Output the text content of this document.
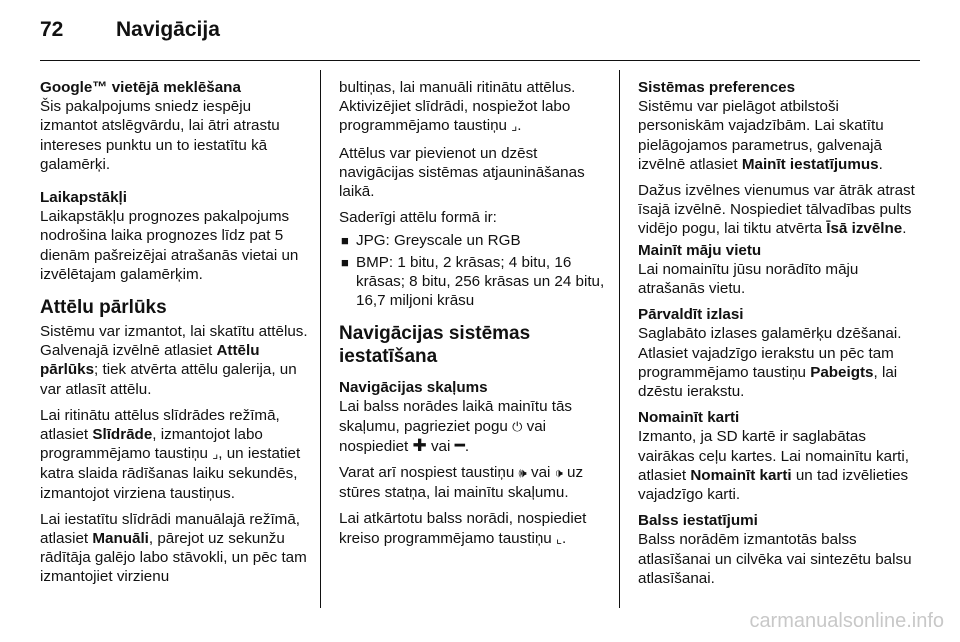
72	Navigācija
Google™ vietējā meklēšana
Šis pakalpojums sniedz iespēju izmantot atslēgvārdu, lai ātri atrastu intereses punktu un to iestatītu kā galamērķi.
Laikapstākļi
Laikapstākļu prognozes pakalpojums nodrošina laika prognozes līdz pat 5 dienām pašreizējai atrašanās vietai un izvēlētajam galamērķim.
Attēlu pārlūks

Sistēmu var izmantot, lai skatītu attēlus. Galvenajā izvēlnē atlasiet Attēlu pārlūks; tiek atvērta attēlu galerija, un var atlasīt attēlu.

Lai ritinātu attēlus slīdrādes režīmā, atlasiet Slīdrāde, izmantojot labo programmējamo taustiņu ⌟, un iestatiet katra slaida rādīšanas laiku sekundēs, izmantojot virziena taustiņus.

Lai iestatītu slīdrādi manuālajā režīmā, atlasiet Manuāli, pārejot uz sekunžu rādītāja galējo labo stāvokli, un pēc tam izmantojiet virzienu

bultiņas, lai manuāli ritinātu attēlus. Aktivizējiet slīdrādi, nospiežot labo programmējamo taustiņu ⌟.

Attēlus var pievienot un dzēst navigācijas sistēmas atjaunināšanas laikā.

Saderīgi attēlu formā ir:

■ JPG: Greyscale un RGB
■ BMP: 1 bitu, 2 krāsas; 4 bitu, 16 krāsas; 8 bitu, 256 krāsas un 24 bitu, 16,7 miljoni krāsu
Navigācijas sistēmas iestatīšana

Navigācijas skaļums
Lai balss norādes laikā mainītu tās skaļumu, pagrieziet pogu ⏻ vai nospiediet ✚ vai ━.

Varat arī nospiest taustiņu 🕪 vai 🕩 uz stūres statņa, lai mainītu skaļumu.

Lai atkārtotu balss norādi, nospiediet kreiso programmējamo taustiņu ⌞.

Sistēmas preferences
Sistēmu var pielāgot atbilstoši personiskām vajadzībām. Lai skatītu pielāgojamos parametrus, galvenajā izvēlnē atlasiet Mainīt iestatījumus.

Dažus izvēlnes vienumus var ātrāk atrast īsajā izvēlnē. Nospiediet tālvadības pults vidējo pogu, lai tiktu atvērta Īsā izvēlne.

Mainīt māju vietu
Lai nomainītu jūsu norādīto māju atrašanās vietu.

Pārvaldīt izlasi
Saglabāto izlases galamērķu dzēšanai. Atlasiet vajadzīgo ierakstu un pēc tam programmējamo taustiņu Pabeigts, lai dzēstu ierakstu.

Nomainīt karti
Izmanto, ja SD kartē ir saglabātas vairākas ceļu kartes. Lai nomainītu karti, atlasiet Nomainīt karti un tad izvēlieties vajadzīgo karti.

Balss iestatījumi
Balss norādēm izmantotās balss atlasīšanai un cilvēka vai sintezētu balsu atlasīšanai.

carmanualsonline.info
